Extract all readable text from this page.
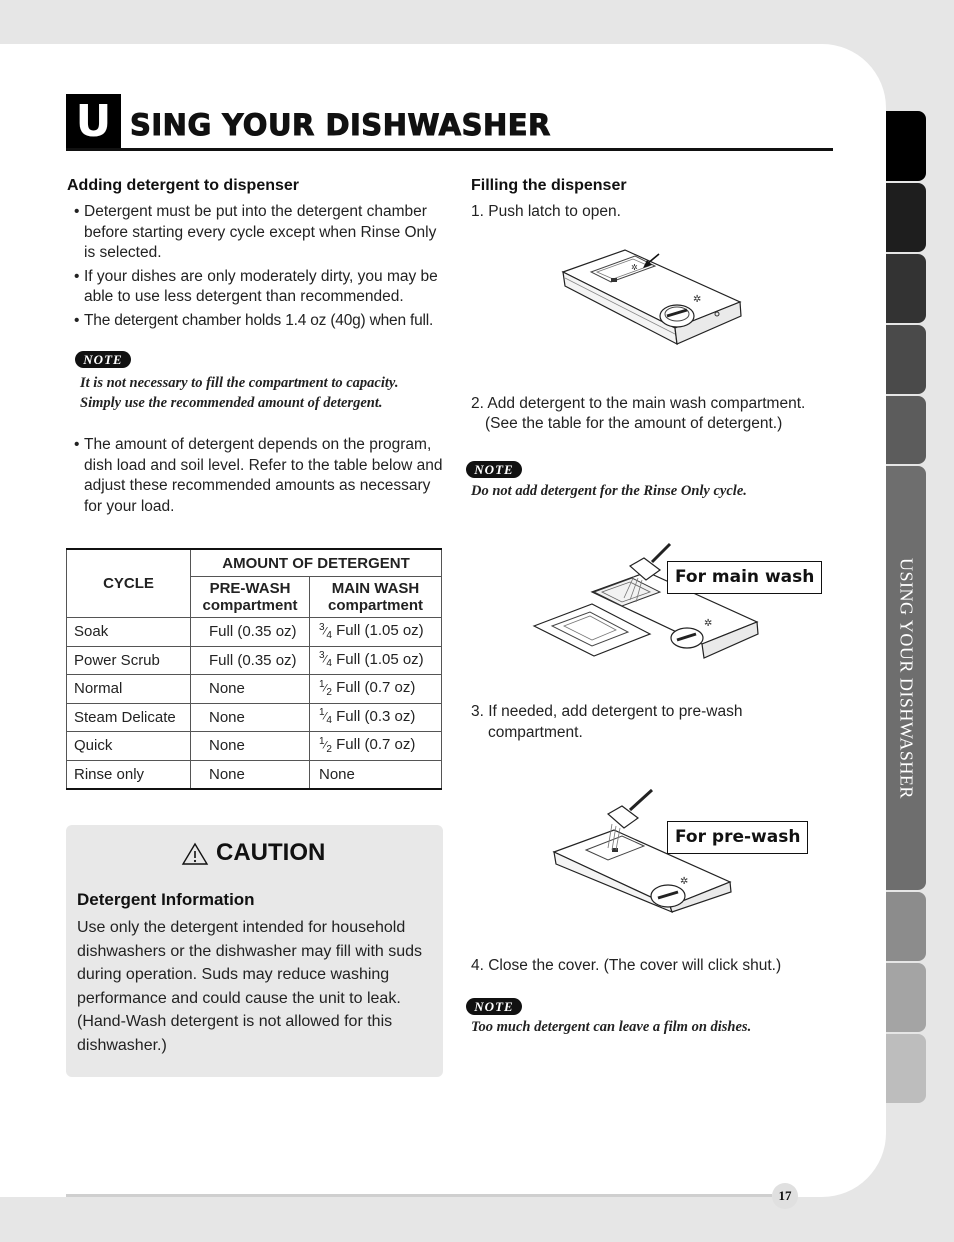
USING YOUR DISHWASHER
U SING YOUR DISHWASHER
Adding detergent to dispenser
• Detergent must be put into the detergent chamber before starting every cycle except when Rinse Only is selected.
• If your dishes are only moderately dirty, you may be able to use less detergent than recommended.
• The detergent chamber holds 1.4 oz (40g) when full.
NOTE
It is not necessary to fill the compartment to capacity. Simply use the recommended amount of detergent.
• The amount of detergent depends on the program, dish load and soil level. Refer to the table below and adjust these recommended amounts as necessary for your load.
CYCLE	AMOUNT OF DETERGENT	
	PRE-WASH compartment	MAIN WASH compartment
Soak	Full (0.35 oz)	$^3⁄_4$ Full (1.05 oz)
Power Scrub	Full (0.35 oz)	$^3⁄_4$ Full (1.05 oz)
Normal	None	$^1⁄_2$ Full (0.7 oz)
Steam Delicate	None	$^1⁄_4$ Full (0.3 oz)
Quick	None	$^1⁄_2$ Full (0.7 oz)
Rinse only	None	None
CAUTION
Detergent Information
Use only the detergent intended for household dishwashers or the dishwasher may fill with suds during operation. Suds may reduce washing performance and could cause the unit to leak. (Hand-Wash detergent is not allowed for this dishwasher.)
Filling the dispenser
1. Push latch to open.
✲
✲
2. Add detergent to the main wash compartment.
(See the table for the amount of detergent.)
NOTE
Do not add detergent for the Rinse Only cycle.
✲
For main wash
3. If needed, add detergent to pre-wash
compartment.
✲
For pre-wash
4. Close the cover. (The cover will click shut.)
NOTE
Too much detergent can leave a film on dishes.
17
